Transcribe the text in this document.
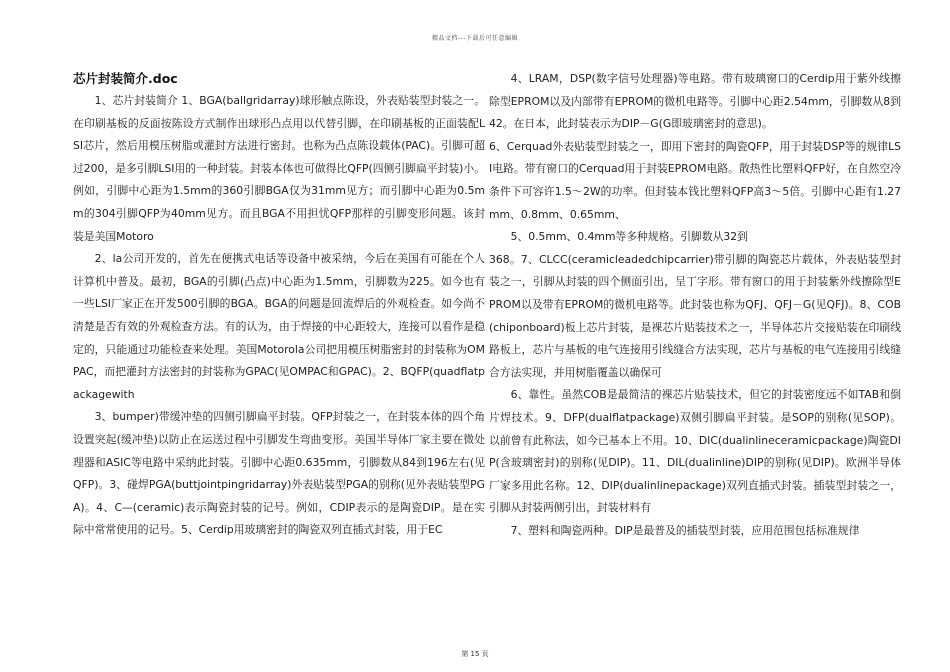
精品文档---下载后可任意编辑
芯片封装简介.doc

1、芯片封装简介 1、BGA(ballgridarray)球形触点陈设，外表贴装型封装之一。在印刷基板的反面按陈设方式制作出球形凸点用以代替引脚，在印刷基板的正面装配LSI芯片，然后用模压树脂或灌封方法进行密封。也称为凸点陈设载体(PAC)。引脚可超过200，是多引脚LSI用的一种封装。封装本体也可做得比QFP(四侧引脚扁平封装)小。例如，引脚中心距为1.5mm的360引脚BGA仅为31mm见方；而引脚中心距为0.5mm的304引脚QFP为40mm见方。而且BGA不用担忧QFP那样的引脚变形问题。该封装是美国Motoro

2、la公司开发的，首先在便携式电话等设备中被采纳，今后在美国有可能在个人计算机中普及。最初，BGA的引脚(凸点)中心距为1.5mm，引脚数为225。如今也有一些LSI厂家正在开发500引脚的BGA。BGA的问题是回流焊后的外观检查。如今尚不清楚是否有效的外观检查方法。有的认为，由于焊接的中心距较大，连接可以看作是稳定的，只能通过功能检查来处理。美国Motorola公司把用模压树脂密封的封装称为OMPAC，而把灌封方法密封的封装称为GPAC(见OMPAC和GPAC)。2、BQFP(quadflatpackagewith

3、bumper)带缓冲垫的四侧引脚扁平封装。QFP封装之一，在封装本体的四个角设置突起(缓冲垫)以防止在运送过程中引脚发生弯曲变形。美国半导体厂家主要在微处理器和ASIC等电路中采纳此封装。引脚中心距0.635mm，引脚数从84到196左右(见QFP)。3、碰焊PGA(buttjointpingridarray)外表贴装型PGA的别称(见外表贴装型PGA)。4、C—(ceramic)表示陶瓷封装的记号。例如，CDIP表示的是陶瓷DIP。是在实际中常常使用的记号。5、Cerdip用玻璃密封的陶瓷双列直插式封装，用于EC

4、LRAM，DSP(数字信号处理器)等电路。带有玻璃窗口的Cerdip用于紫外线擦除型EPROM以及内部带有EPROM的微机电路等。引脚中心距2.54mm，引脚数从8到42。在日本，此封装表示为DIP－G(G即玻璃密封的意思)。

6、Cerquad外表贴装型封装之一，即用下密封的陶瓷QFP，用于封装DSP等的规律LSI电路。带有窗口的Cerquad用于封装EPROM电路。散热性比塑料QFP好，在自然空冷条件下可容许1.5～2W的功率。但封装本钱比塑料QFP高3～5倍。引脚中心距有1.27mm、0.8mm、0.65mm、

5、0.5mm、0.4mm等多种规格。引脚数从32到

368。7、CLCC(ceramicleadedchipcarrier)带引脚的陶瓷芯片载体，外表贴装型封装之一，引脚从封装的四个侧面引出，呈丁字形。带有窗口的用于封装紫外线擦除型EPROM以及带有EPROM的微机电路等。此封装也称为QFJ、QFJ－G(见QFJ)。8、COB(chiponboard)板上芯片封装，是裸芯片贴装技术之一，半导体芯片交接贴装在印刷线路板上，芯片与基板的电气连接用引线缝合方法实现，芯片与基板的电气连接用引线缝合方法实现，并用树脂覆盖以确保可

6、靠性。虽然COB是最简洁的裸芯片贴装技术，但它的封装密度远不如TAB和倒片焊技术。9、DFP(dualflatpackage)双侧引脚扁平封装。是SOP的别称(见SOP)。以前曾有此称法，如今已基本上不用。10、DIC(dualinlineceramicpackage)陶瓷DIP(含玻璃密封)的别称(见DIP)。11、DIL(dualinline)DIP的别称(见DIP)。欧洲半导体厂家多用此名称。12、DIP(dualinlinepackage)双列直插式封装。插装型封装之一，引脚从封装两侧引出，封装材料有

7、塑料和陶瓷两种。DIP是最普及的插装型封装，应用范围包括标准规律

第 15 页
